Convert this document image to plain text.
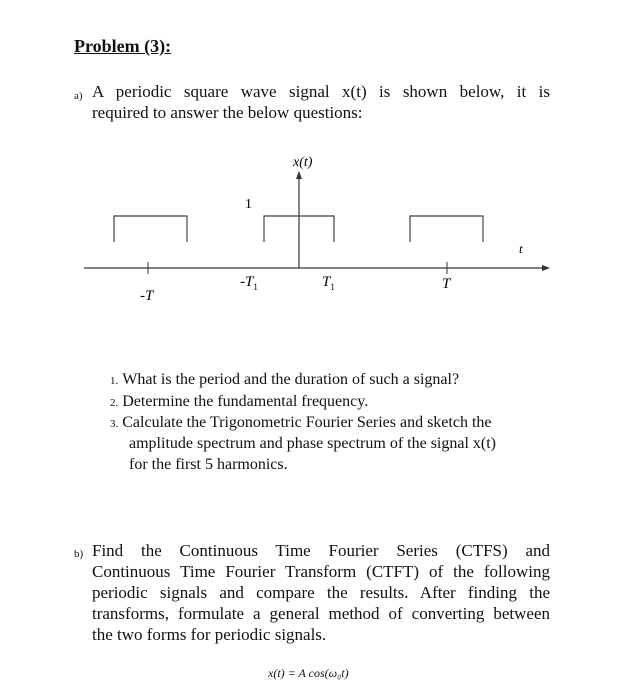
Problem (3):
a) A periodic square wave signal x(t) is shown below, it is
required to answer the below questions:
x(t)
1
t
-T
$-T_1$	$T_1$	T
1. What is the period and the duration of such a signal?
2. Determine the fundamental frequency.
3. Calculate the Trigonometric Fourier Series and sketch the
amplitude spectrum and phase spectrum of the signal x(t)
for the first 5 harmonics.
b) Find the Continuous Time Fourier Series (CTFS) and
Continuous Time Fourier Transform (CTFT) of the following
periodic signals and compare the results. After finding the
transforms, formulate a general method of converting between
the two forms for periodic signals.
x(t) = A cos(ω₀t)
